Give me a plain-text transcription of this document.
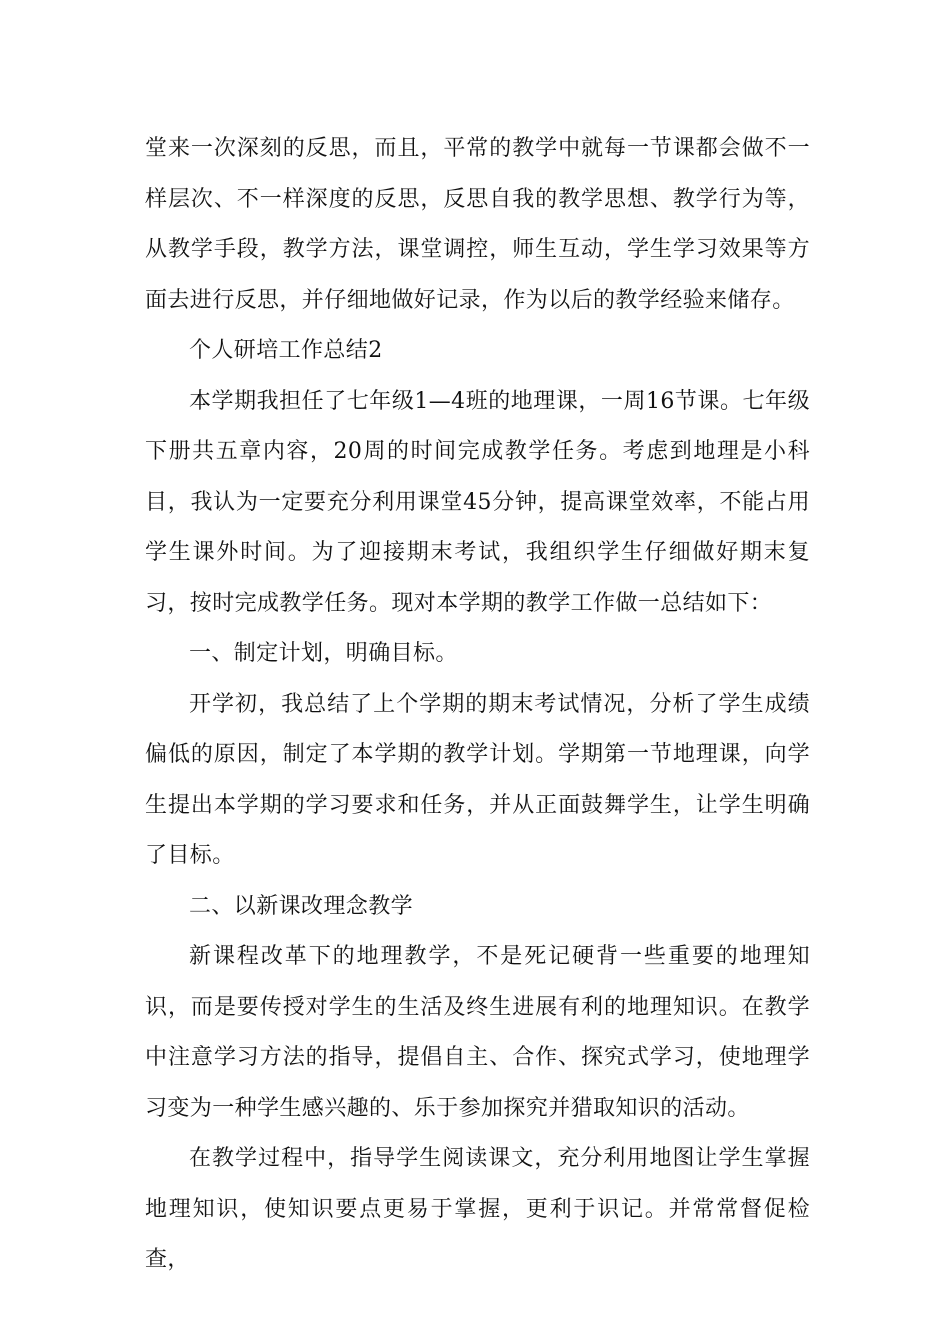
堂来一次深刻的反思，而且，平常的教学中就每一节课都会做不一样层次、不一样深度的反思，反思自我的教学思想、教学行为等，从教学手段，教学方法，课堂调控，师生互动，学生学习效果等方面去进行反思，并仔细地做好记录，作为以后的教学经验来储存。

个人研培工作总结2

本学期我担任了七年级1—4班的地理课，一周16节课。七年级下册共五章内容，20周的时间完成教学任务。考虑到地理是小科目，我认为一定要充分利用课堂45分钟，提高课堂效率，不能占用学生课外时间。为了迎接期末考试，我组织学生仔细做好期末复习，按时完成教学任务。现对本学期的教学工作做一总结如下：

一、制定计划，明确目标。

开学初，我总结了上个学期的期末考试情况，分析了学生成绩偏低的原因，制定了本学期的教学计划。学期第一节地理课，向学生提出本学期的学习要求和任务，并从正面鼓舞学生，让学生明确了目标。

二、以新课改理念教学

新课程改革下的地理教学，不是死记硬背一些重要的地理知识，而是要传授对学生的生活及终生进展有利的地理知识。在教学中注意学习方法的指导，提倡自主、合作、探究式学习，使地理学习变为一种学生感兴趣的、乐于参加探究并猎取知识的活动。

在教学过程中，指导学生阅读课文，充分利用地图让学生掌握地理知识，使知识要点更易于掌握，更利于识记。并常常督促检查，
